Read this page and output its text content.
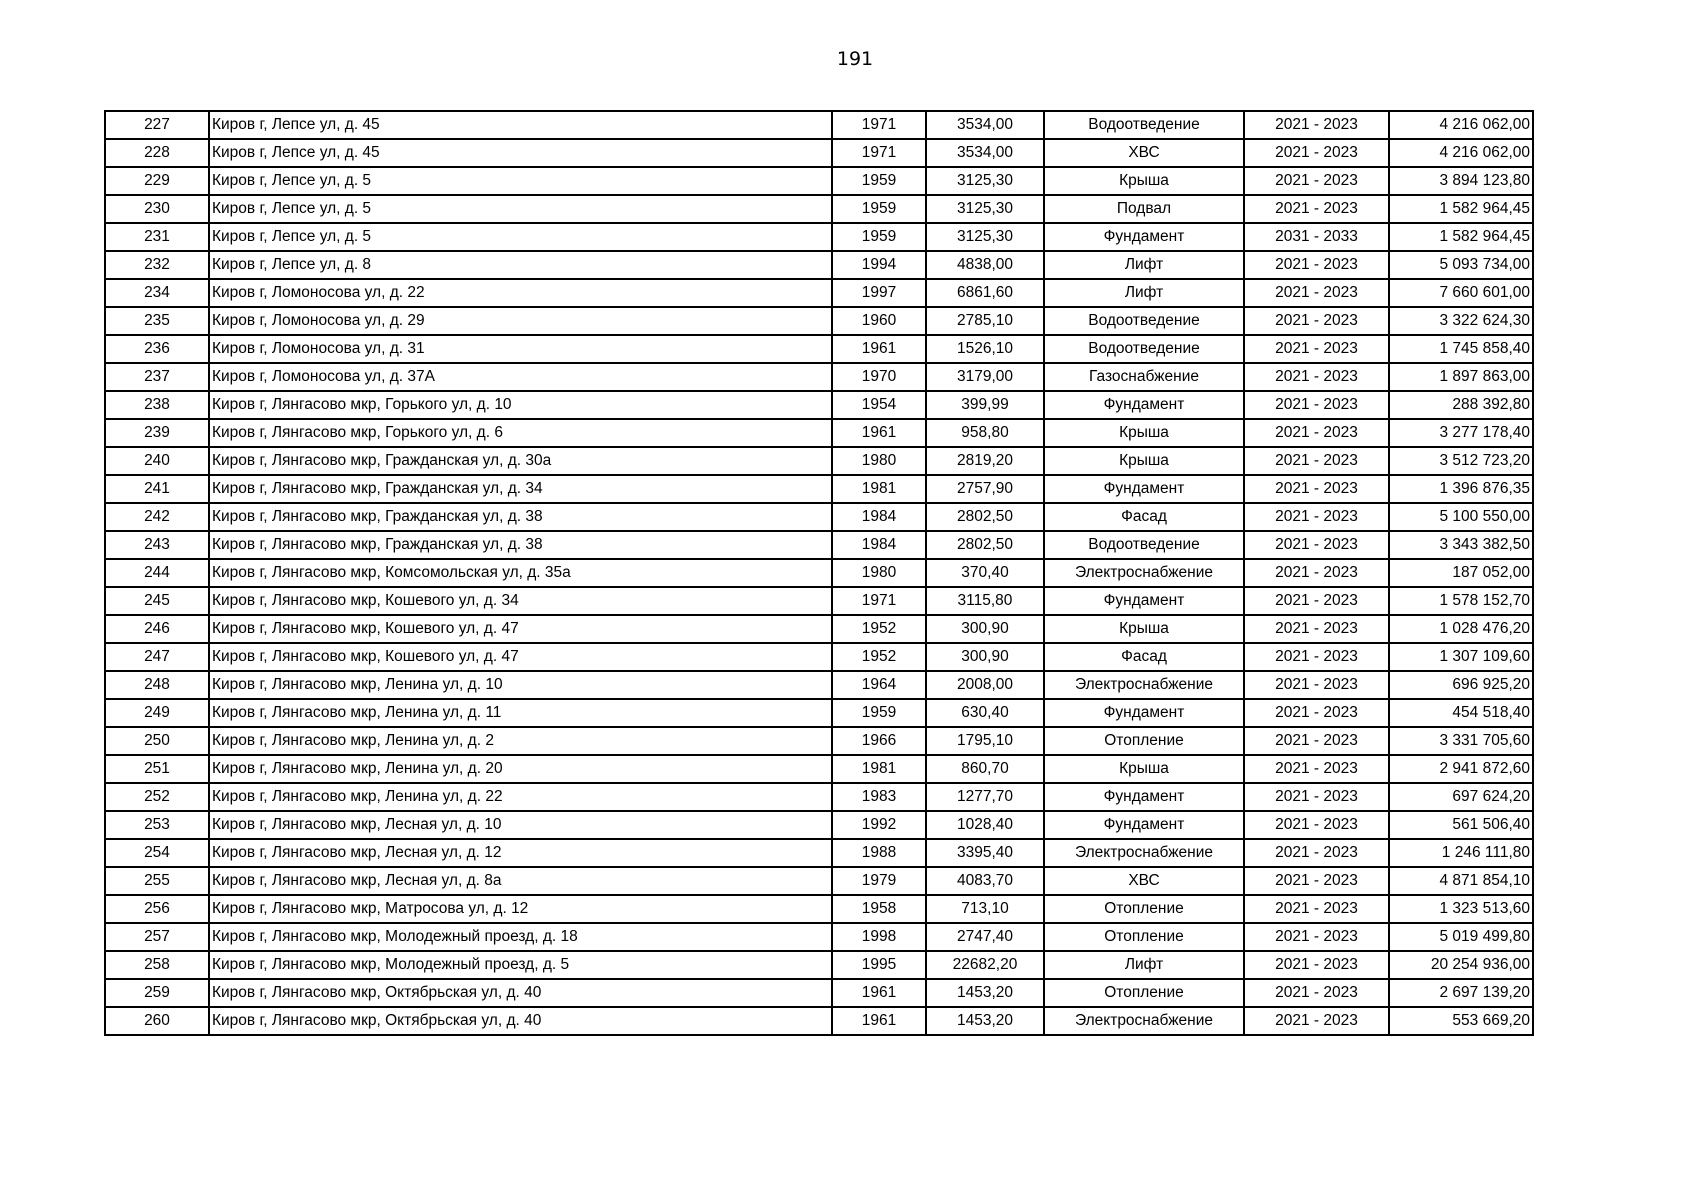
191
227	Киров г, Лепсе ул, д. 45	1971	3534,00	Водоотведение	2021 - 2023	4 216 062,00
228	Киров г, Лепсе ул, д. 45	1971	3534,00	ХВС	2021 - 2023	4 216 062,00
229	Киров г, Лепсе ул, д. 5	1959	3125,30	Крыша	2021 - 2023	3 894 123,80
230	Киров г, Лепсе ул, д. 5	1959	3125,30	Подвал	2021 - 2023	1 582 964,45
231	Киров г, Лепсе ул, д. 5	1959	3125,30	Фундамент	2031 - 2033	1 582 964,45
232	Киров г, Лепсе ул, д. 8	1994	4838,00	Лифт	2021 - 2023	5 093 734,00
234	Киров г, Ломоносова ул, д. 22	1997	6861,60	Лифт	2021 - 2023	7 660 601,00
235	Киров г, Ломоносова ул, д. 29	1960	2785,10	Водоотведение	2021 - 2023	3 322 624,30
236	Киров г, Ломоносова ул, д. 31	1961	1526,10	Водоотведение	2021 - 2023	1 745 858,40
237	Киров г, Ломоносова ул, д. 37А	1970	3179,00	Газоснабжение	2021 - 2023	1 897 863,00
238	Киров г, Лянгасово мкр, Горького ул, д. 10	1954	399,99	Фундамент	2021 - 2023	288 392,80
239	Киров г, Лянгасово мкр, Горького ул, д. 6	1961	958,80	Крыша	2021 - 2023	3 277 178,40
240	Киров г, Лянгасово мкр, Гражданская ул, д. 30а	1980	2819,20	Крыша	2021 - 2023	3 512 723,20
241	Киров г, Лянгасово мкр, Гражданская ул, д. 34	1981	2757,90	Фундамент	2021 - 2023	1 396 876,35
242	Киров г, Лянгасово мкр, Гражданская ул, д. 38	1984	2802,50	Фасад	2021 - 2023	5 100 550,00
243	Киров г, Лянгасово мкр, Гражданская ул, д. 38	1984	2802,50	Водоотведение	2021 - 2023	3 343 382,50
244	Киров г, Лянгасово мкр, Комсомольская ул, д. 35а	1980	370,40	Электроснабжение	2021 - 2023	187 052,00
245	Киров г, Лянгасово мкр, Кошевого ул, д. 34	1971	3115,80	Фундамент	2021 - 2023	1 578 152,70
246	Киров г, Лянгасово мкр, Кошевого ул, д. 47	1952	300,90	Крыша	2021 - 2023	1 028 476,20
247	Киров г, Лянгасово мкр, Кошевого ул, д. 47	1952	300,90	Фасад	2021 - 2023	1 307 109,60
248	Киров г, Лянгасово мкр, Ленина ул, д. 10	1964	2008,00	Электроснабжение	2021 - 2023	696 925,20
249	Киров г, Лянгасово мкр, Ленина ул, д. 11	1959	630,40	Фундамент	2021 - 2023	454 518,40
250	Киров г, Лянгасово мкр, Ленина ул, д. 2	1966	1795,10	Отопление	2021 - 2023	3 331 705,60
251	Киров г, Лянгасово мкр, Ленина ул, д. 20	1981	860,70	Крыша	2021 - 2023	2 941 872,60
252	Киров г, Лянгасово мкр, Ленина ул, д. 22	1983	1277,70	Фундамент	2021 - 2023	697 624,20
253	Киров г, Лянгасово мкр, Лесная ул, д. 10	1992	1028,40	Фундамент	2021 - 2023	561 506,40
254	Киров г, Лянгасово мкр, Лесная ул, д. 12	1988	3395,40	Электроснабжение	2021 - 2023	1 246 111,80
255	Киров г, Лянгасово мкр, Лесная ул, д. 8а	1979	4083,70	ХВС	2021 - 2023	4 871 854,10
256	Киров г, Лянгасово мкр, Матросова ул, д. 12	1958	713,10	Отопление	2021 - 2023	1 323 513,60
257	Киров г, Лянгасово мкр, Молодежный проезд, д. 18	1998	2747,40	Отопление	2021 - 2023	5 019 499,80
258	Киров г, Лянгасово мкр, Молодежный проезд, д. 5	1995	22682,20	Лифт	2021 - 2023	20 254 936,00
259	Киров г, Лянгасово мкр, Октябрьская ул, д. 40	1961	1453,20	Отопление	2021 - 2023	2 697 139,20
260	Киров г, Лянгасово мкр, Октябрьская ул, д. 40	1961	1453,20	Электроснабжение	2021 - 2023	553 669,20
